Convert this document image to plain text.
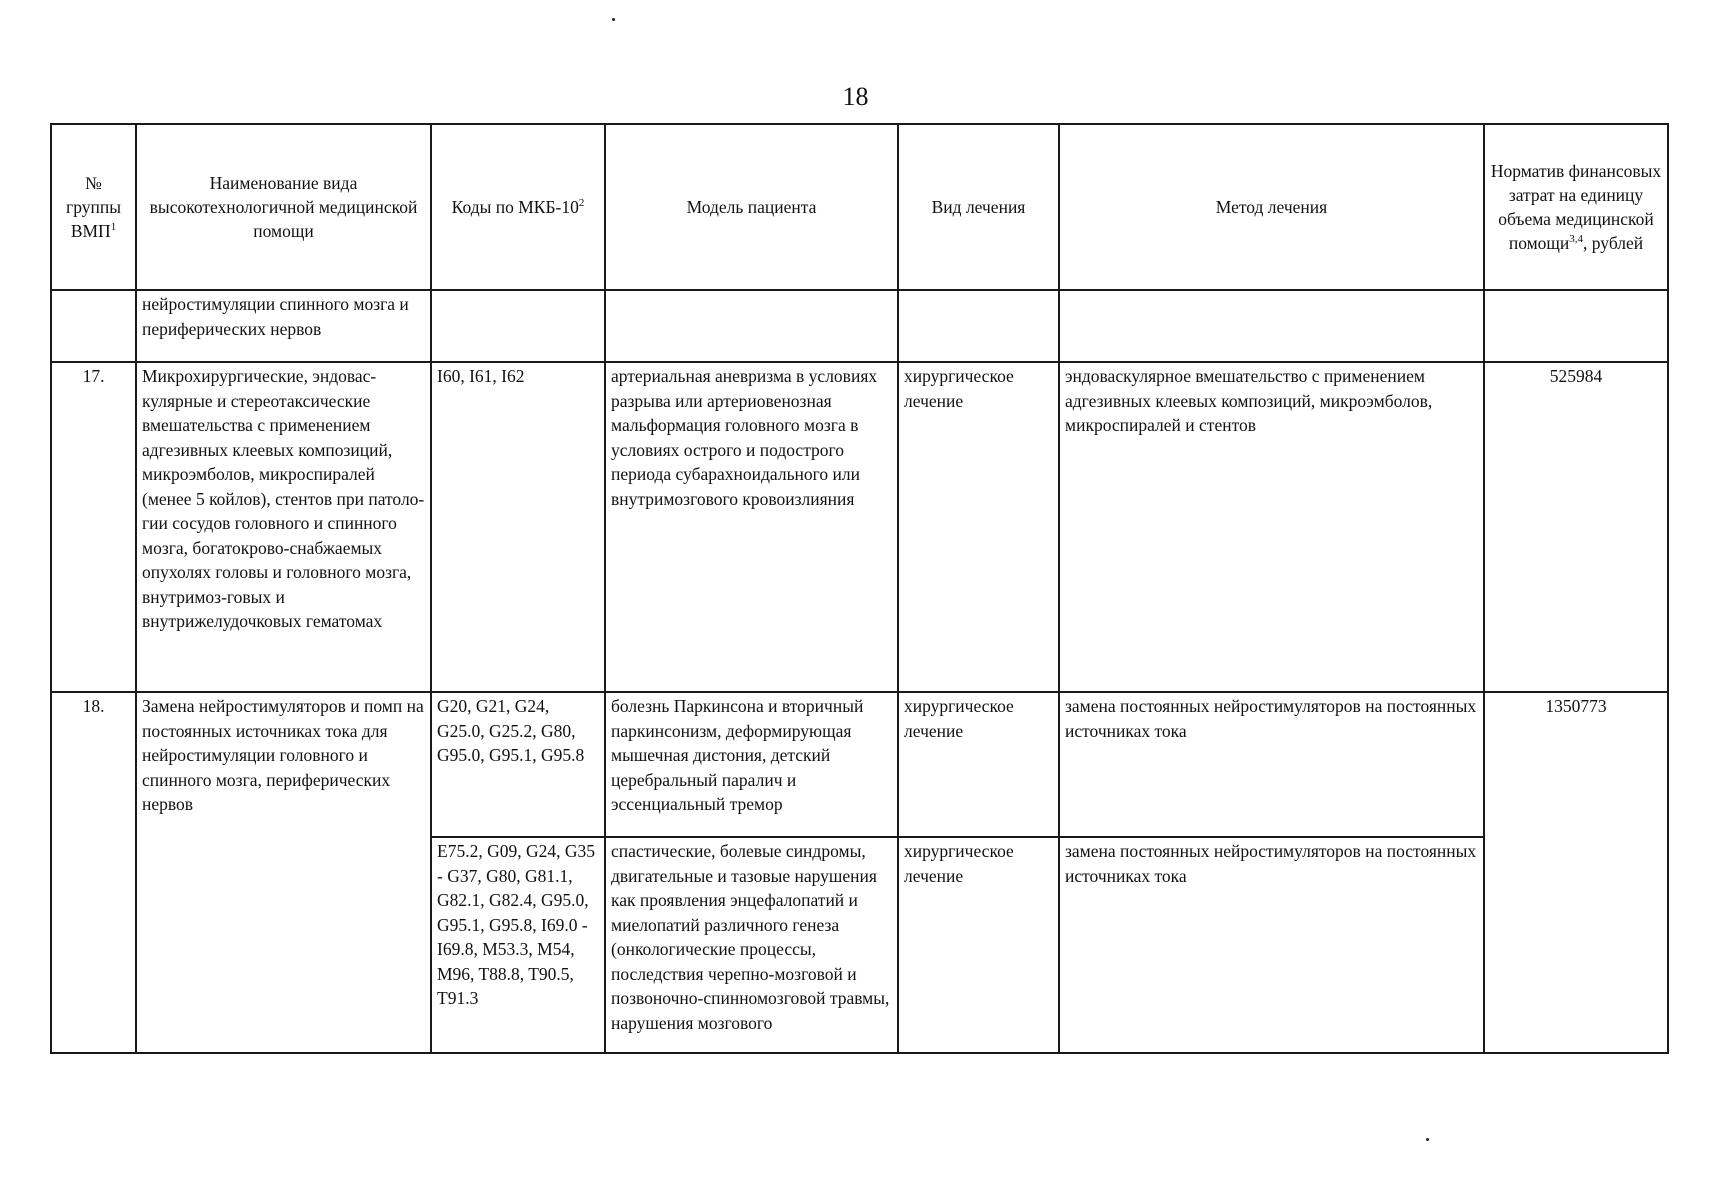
18
№
группы
ВМП$^1$	Наименование вида высокотехнологичной медицинской помощи	Коды по МКБ-$10^2$	Модель пациента	Вид лечения	Метод лечения	Норматив финансовых затрат на единицу объема медицинской помощи$^{3,4}$, рублей
	нейростимуляции спинного мозга и периферических нервов					
17.	Микрохирургические, эндовас-кулярные и стереотаксические вмешательства с применением адгезивных клеевых композиций, микроэмболов, микроспиралей (менее 5 койлов), стентов при патоло-гии сосудов головного и спинного мозга, богатокрово-снабжаемых опухолях головы и головного мозга, внутримоз-говых и внутрижелудочковых гематомах	I60, I61, I62	артериальная аневризма в условиях разрыва или артериовенозная мальформация головного мозга в условиях острого и подострого периода субарахноидального или внутримозгового кровоизлияния	хирургическое лечение	эндоваскулярное вмешательство с применением адгезивных клеевых композиций, микроэмболов, микроспиралей и стентов	525984
18.	Замена нейростимуляторов и помп на постоянных источниках тока для нейростимуляции головного и спинного мозга, периферических нервов	G20, G21, G24, G25.0, G25.2, G80, G95.0, G95.1, G95.8	болезнь Паркинсона и вторичный паркинсонизм, деформирующая мышечная дистония, детский церебральный паралич и эссенциальный тремор	хирургическое лечение	замена постоянных нейростимуляторов на постоянных источниках тока	1350773
		E75.2, G09, G24, G35 - G37, G80, G81.1, G82.1, G82.4, G95.0, G95.1, G95.8, I69.0 - I69.8, M53.3, M54, M96, T88.8, T90.5, T91.3	спастические, болевые синдромы, двигательные и тазовые нарушения как проявления энцефалопатий и миелопатий различного генеза (онкологические процессы, последствия черепно-мозговой и позвоночно-спинномозговой травмы, нарушения мозгового	хирургическое лечение	замена постоянных нейростимуляторов на постоянных источниках тока	
